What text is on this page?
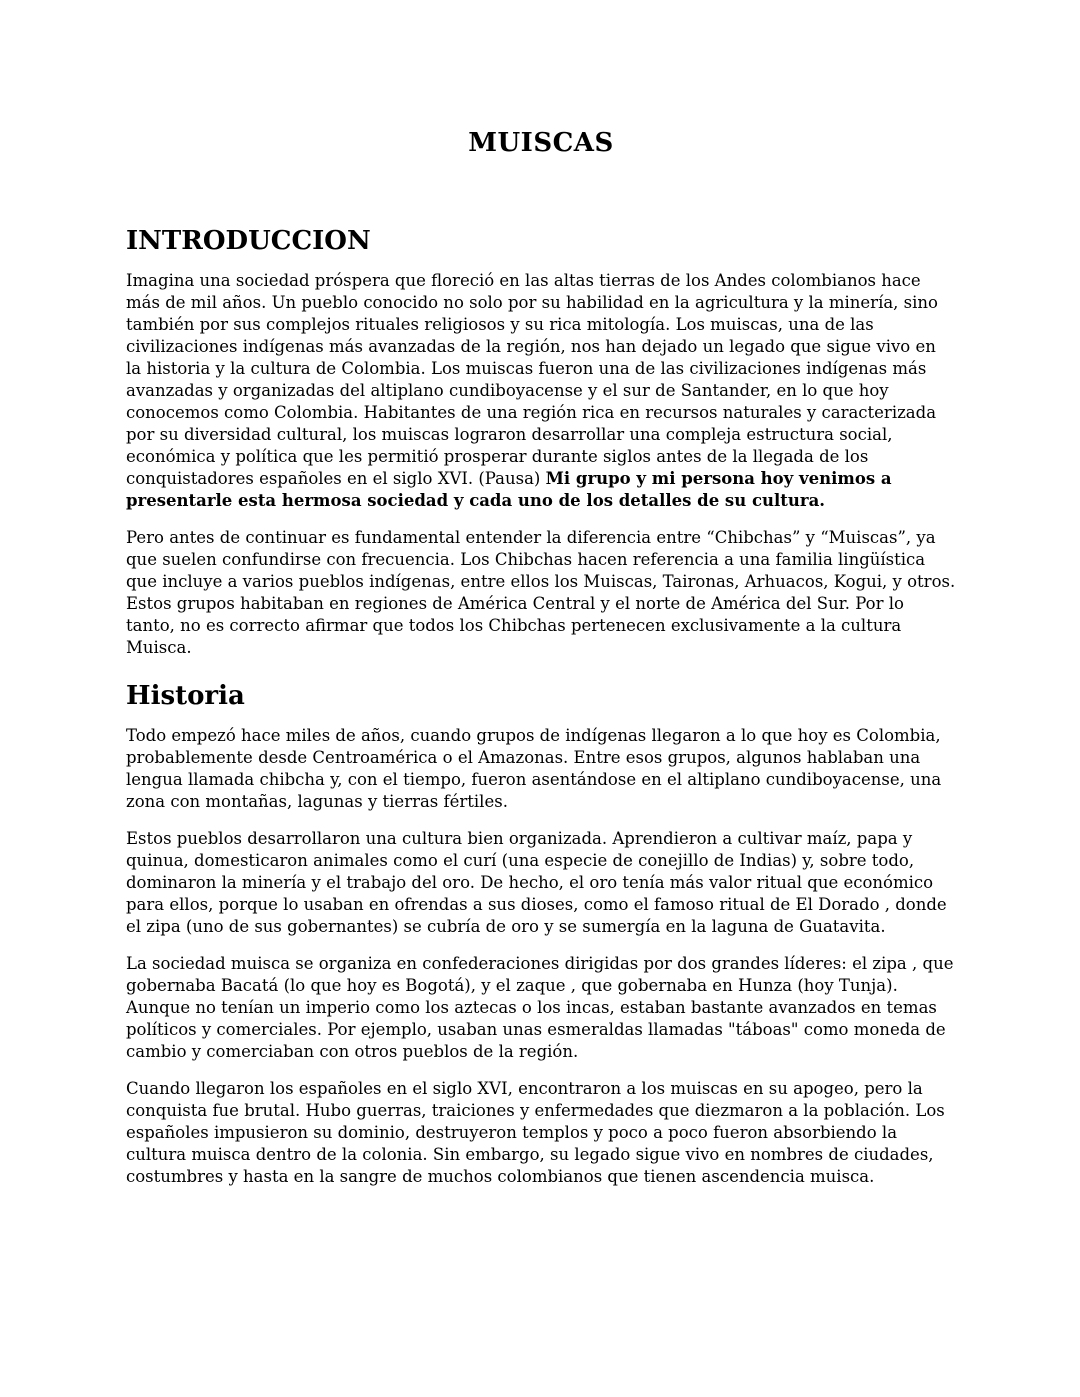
MUISCAS
INTRODUCCION

Imagina una sociedad próspera que floreció en las altas tierras de los Andes colombianos hace más de mil años. Un pueblo conocido no solo por su habilidad en la agricultura y la minería, sino también por sus complejos rituales religiosos y su rica mitología. Los muiscas, una de las civilizaciones indígenas más avanzadas de la región, nos han dejado un legado que sigue vivo en la historia y la cultura de Colombia. Los muiscas fueron una de las civilizaciones indígenas más avanzadas y organizadas del altiplano cundiboyacense y el sur de Santander, en lo que hoy conocemos como Colombia. Habitantes de una región rica en recursos naturales y caracterizada por su diversidad cultural, los muiscas lograron desarrollar una compleja estructura social, económica y política que les permitió prosperar durante siglos antes de la llegada de los conquistadores españoles en el siglo XVI. (Pausa) Mi grupo y mi persona hoy venimos a presentarle esta hermosa sociedad y cada uno de los detalles de su cultura.

Pero antes de continuar es fundamental entender la diferencia entre “Chibchas” y “Muiscas”, ya que suelen confundirse con frecuencia. Los Chibchas hacen referencia a una familia lingüística que incluye a varios pueblos indígenas, entre ellos los Muiscas, Taironas, Arhuacos, Kogui, y otros. Estos grupos habitaban en regiones de América Central y el norte de América del Sur. Por lo tanto, no es correcto afirmar que todos los Chibchas pertenecen exclusivamente a la cultura Muisca.

Historia

Todo empezó hace miles de años, cuando grupos de indígenas llegaron a lo que hoy es Colombia, probablemente desde Centroamérica o el Amazonas. Entre esos grupos, algunos hablaban una lengua llamada chibcha y, con el tiempo, fueron asentándose en el altiplano cundiboyacense, una zona con montañas, lagunas y tierras fértiles.

Estos pueblos desarrollaron una cultura bien organizada. Aprendieron a cultivar maíz, papa y quinua, domesticaron animales como el curí (una especie de conejillo de Indias) y, sobre todo, dominaron la minería y el trabajo del oro. De hecho, el oro tenía más valor ritual que económico para ellos, porque lo usaban en ofrendas a sus dioses, como el famoso ritual de El Dorado , donde el zipa (uno de sus gobernantes) se cubría de oro y se sumergía en la laguna de Guatavita.

La sociedad muisca se organiza en confederaciones dirigidas por dos grandes líderes: el zipa , que gobernaba Bacatá (lo que hoy es Bogotá), y el zaque , que gobernaba en Hunza (hoy Tunja). Aunque no tenían un imperio como los aztecas o los incas, estaban bastante avanzados en temas políticos y comerciales. Por ejemplo, usaban unas esmeraldas llamadas "táboas" como moneda de cambio y comerciaban con otros pueblos de la región.

Cuando llegaron los españoles en el siglo XVI, encontraron a los muiscas en su apogeo, pero la conquista fue brutal. Hubo guerras, traiciones y enfermedades que diezmaron a la población. Los españoles impusieron su dominio, destruyeron templos y poco a poco fueron absorbiendo la cultura muisca dentro de la colonia. Sin embargo, su legado sigue vivo en nombres de ciudades, costumbres y hasta en la sangre de muchos colombianos que tienen ascendencia muisca.
